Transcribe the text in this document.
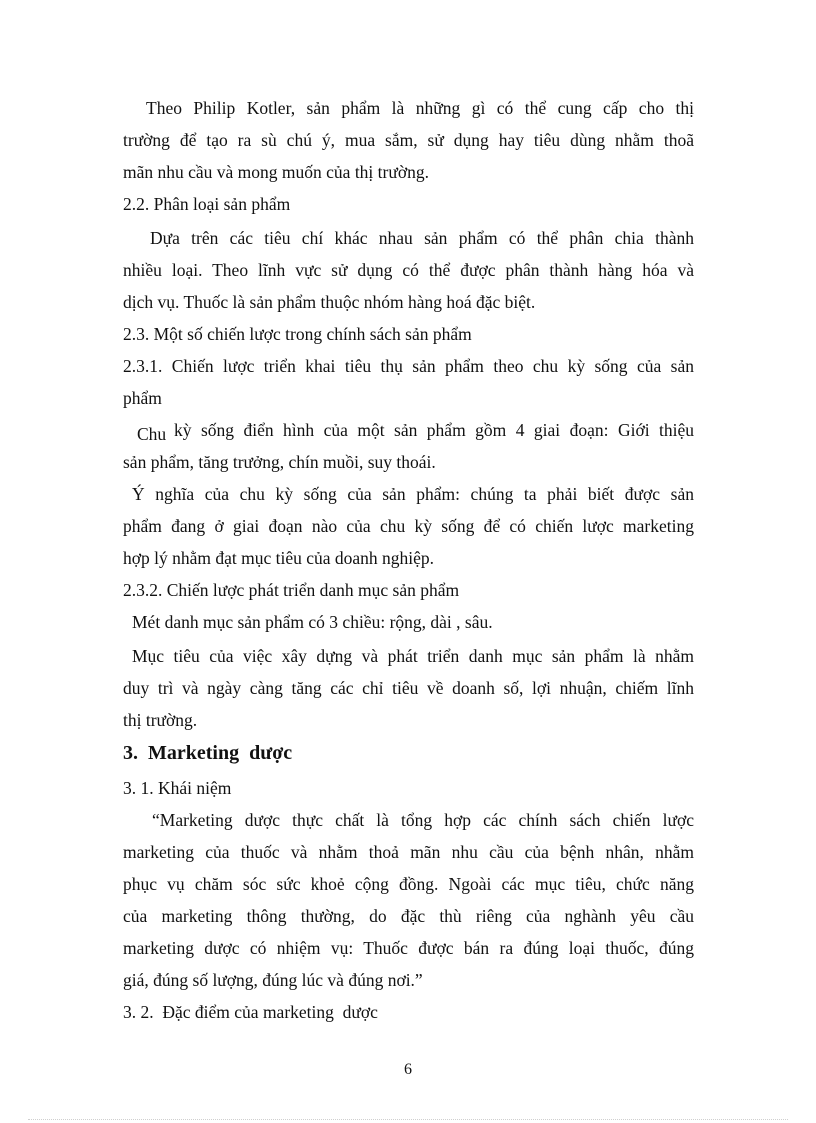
Theo Philip Kotler, sản phẩm là những gì có thể cung cấp cho thị
trường để tạo ra sù chú ý, mua sắm, sử dụng hay tiêu dùng nhằm thoã
mãn nhu cầu và mong muốn của thị trường.
2.2. Phân loại sản phẩm
Dựa trên các tiêu chí khác nhau sản phẩm có thể phân chia thành
nhiều loại. Theo lĩnh vực sử dụng có thể được phân thành hàng hóa và
dịch vụ. Thuốc là sản phẩm thuộc nhóm hàng hoá đặc biệt.
2.3. Một số chiến lược trong chính sách sản phẩm
2.3.1. Chiến lược triển khai tiêu thụ sản phẩm theo chu kỳ sống của sản
phẩm
Chu kỳ sống điển hình của một sản phẩm gồm 4 giai đoạn: Giới thiệu
sản phẩm, tăng trưởng, chín muồi, suy thoái.
Ý nghĩa của chu kỳ sống của sản phẩm: chúng ta phải biết được sản
phẩm đang ở giai đoạn nào của chu kỳ sống để có chiến lược marketing
hợp lý nhằm đạt mục tiêu của doanh nghiệp.
2.3.2. Chiến lược phát triển danh mục sản phẩm
Mét danh mục sản phẩm có 3 chiều: rộng, dài , sâu.
Mục tiêu của việc xây dựng và phát triển danh mục sản phẩm là nhằm
duy trì và ngày càng tăng các chỉ tiêu về doanh số, lợi nhuận, chiếm lĩnh
thị trường.
3.  Marketing  dược
3. 1. Khái niệm
“Marketing dược thực chất là tổng hợp các chính sách chiến lược
marketing của thuốc và nhằm thoả mãn nhu cầu của bệnh nhân, nhằm
phục vụ chăm sóc sức khoẻ cộng đồng. Ngoài các mục tiêu, chức năng
của marketing thông thường, do đặc thù riêng của nghành yêu cầu
marketing dược có nhiệm vụ: Thuốc được bán ra đúng loại thuốc, đúng
giá, đúng số lượng, đúng lúc và đúng nơi.”
3. 2.  Đặc điểm của marketing  dược
6
